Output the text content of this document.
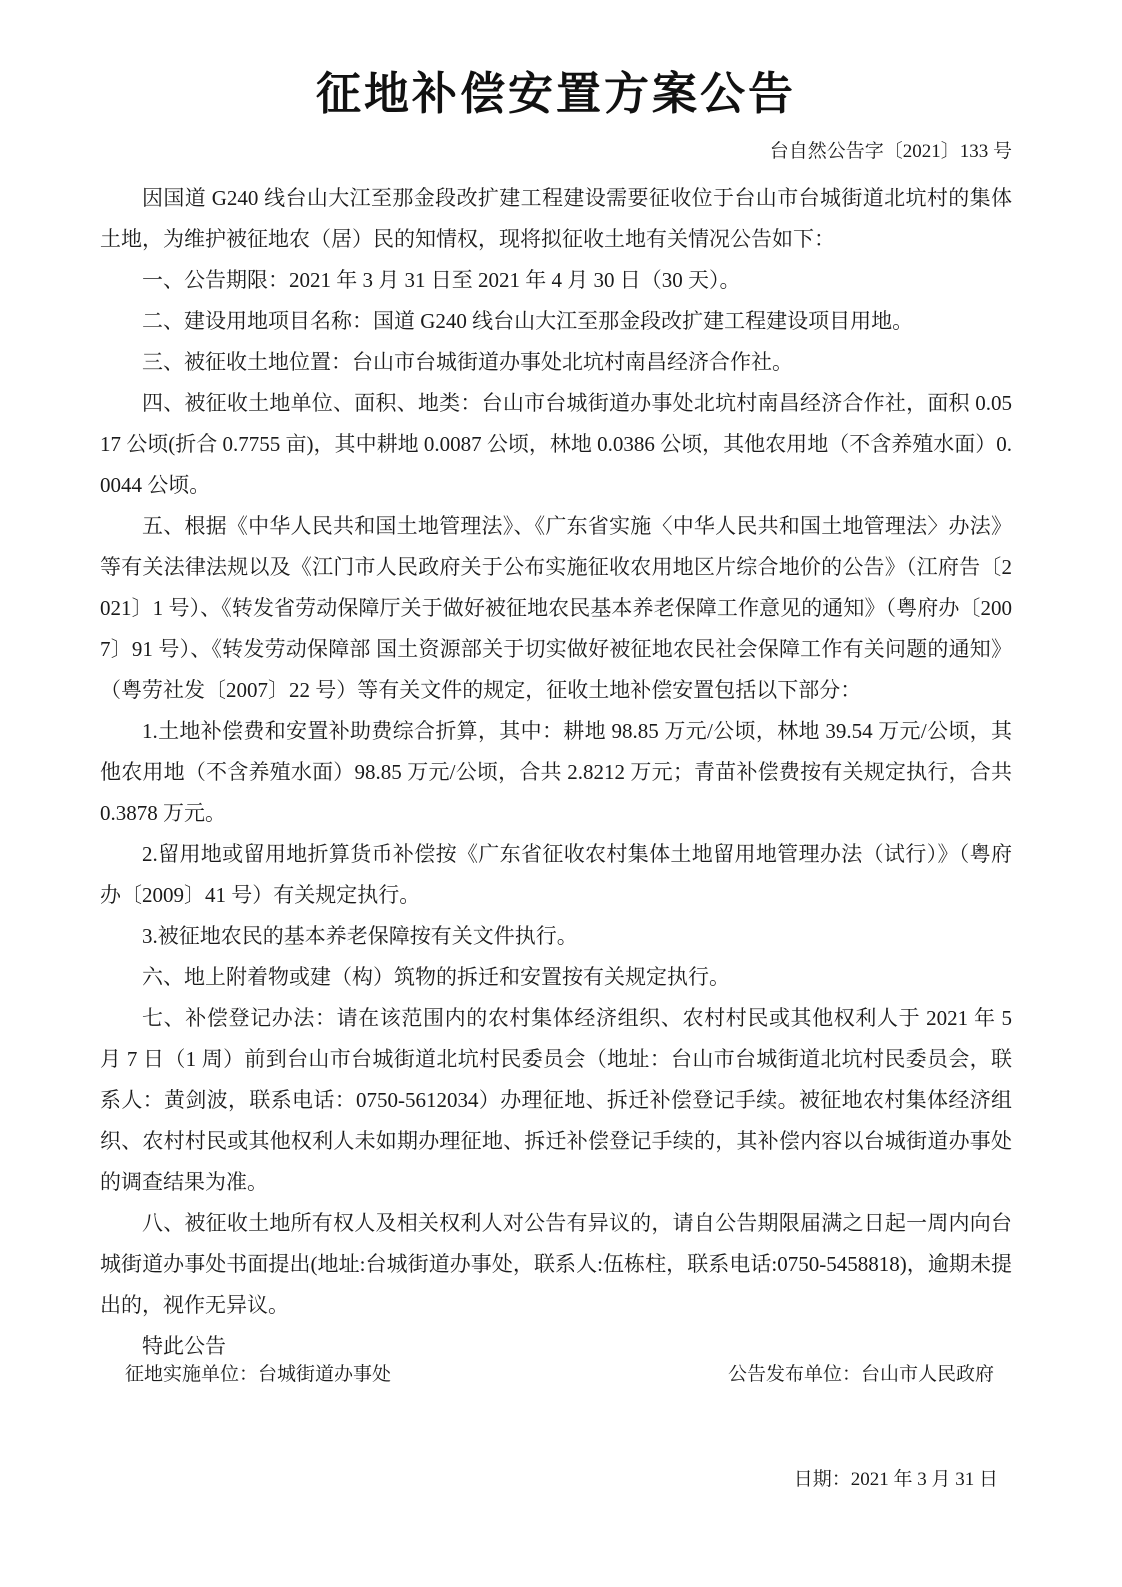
征地补偿安置方案公告
台自然公告字〔2021〕133 号

因国道 G240 线台山大江至那金段改扩建工程建设需要征收位于台山市台城街道北坑村的集体土地，为维护被征地农（居）民的知情权，现将拟征收土地有关情况公告如下：

一、公告期限：2021 年 3 月 31 日至 2021 年 4 月 30 日（30 天）。

二、建设用地项目名称：国道 G240 线台山大江至那金段改扩建工程建设项目用地。

三、被征收土地位置：台山市台城街道办事处北坑村南昌经济合作社。

四、被征收土地单位、面积、地类：台山市台城街道办事处北坑村南昌经济合作社，面积 0.0517 公顷(折合 0.7755 亩)，其中耕地 0.0087 公顷，林地 0.0386 公顷，其他农用地（不含养殖水面）0.0044 公顷。

五、根据《中华人民共和国土地管理法》、《广东省实施〈中华人民共和国土地管理法〉办法》等有关法律法规以及《江门市人民政府关于公布实施征收农用地区片综合地价的公告》（江府告〔2021〕1 号）、《转发省劳动保障厅关于做好被征地农民基本养老保障工作意见的通知》（粤府办〔2007〕91 号）、《转发劳动保障部 国土资源部关于切实做好被征地农民社会保障工作有关问题的通知》（粤劳社发〔2007〕22 号）等有关文件的规定，征收土地补偿安置包括以下部分：

1.土地补偿费和安置补助费综合折算，其中：耕地 98.85 万元/公顷，林地 39.54 万元/公顷，其他农用地（不含养殖水面）98.85 万元/公顷，合共 2.8212 万元；青苗补偿费按有关规定执行，合共 0.3878 万元。

2.留用地或留用地折算货币补偿按《广东省征收农村集体土地留用地管理办法（试行）》（粤府办〔2009〕41 号）有关规定执行。

3.被征地农民的基本养老保障按有关文件执行。

六、地上附着物或建（构）筑物的拆迁和安置按有关规定执行。

七、补偿登记办法：请在该范围内的农村集体经济组织、农村村民或其他权利人于 2021 年 5 月 7 日（1 周）前到台山市台城街道北坑村民委员会（地址：台山市台城街道北坑村民委员会，联系人：黄剑波，联系电话：0750-5612034）办理征地、拆迁补偿登记手续。被征地农村集体经济组织、农村村民或其他权利人未如期办理征地、拆迁补偿登记手续的，其补偿内容以台城街道办事处的调查结果为准。

八、被征收土地所有权人及相关权利人对公告有异议的，请自公告期限届满之日起一周内向台城街道办事处书面提出(地址:台城街道办事处，联系人:伍栋柱，联系电话:0750-5458818)，逾期未提出的，视作无异议。

特此公告

征地实施单位：台城街道办事处	公告发布单位：台山市人民政府
日期：2021 年 3 月 31 日
